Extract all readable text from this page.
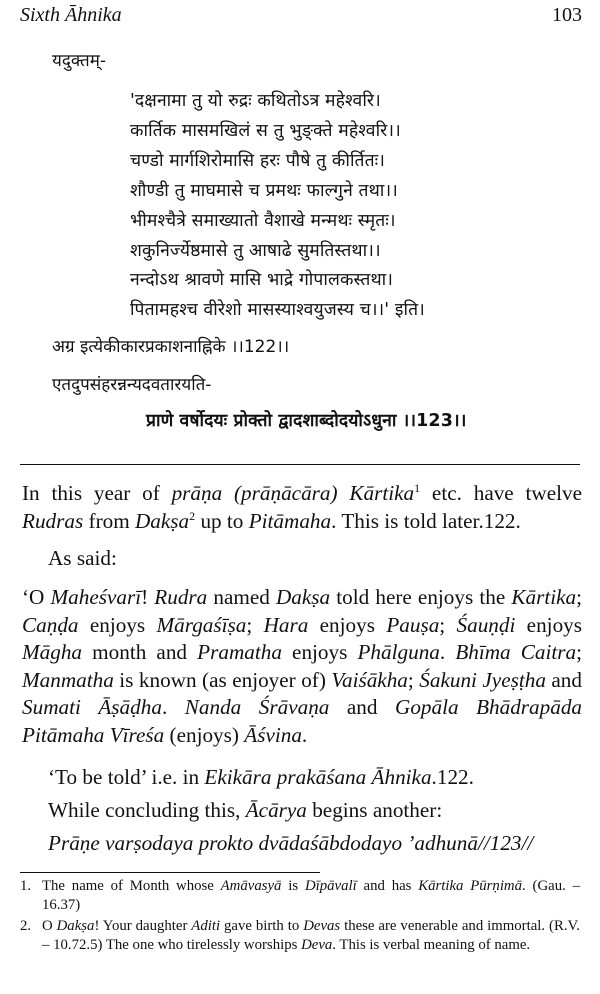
Sixth Āhnika	103
यदुक्तम्-
'दक्षनामा तु यो रुद्रः कथितोऽत्र महेश्वरि।
कार्तिक मासमखिलं स तु भुङ्क्ते महेश्वरि।।
चण्डो मार्गशिरोमासि हरः पौषे तु कीर्तितः।
शौण्डी तु माघमासे च प्रमथः फाल्गुने तथा।।
भीमश्चैत्रे समाख्यातो वैशाखे मन्मथः स्मृतः।
शकुनिर्ज्येष्ठमासे तु आषाढे सुमतिस्तथा।।
नन्दोऽथ श्रावणे मासि भाद्रे गोपालकस्तथा।
पितामहश्च वीरेशो मासस्याश्वयुजस्य च।।' इति।
अग्र इत्येकीकारप्रकाशनाह्निके ।।122।।
एतदुपसंहरन्नन्यदवतारयति-
प्राणे वर्षोदयः प्रोक्तो द्वादशाब्दोदयोऽधुना ।।123।।
In this year of prāṇa (prāṇācāra) Kārtika$^1$ etc. have twelve Rudras from Dakṣa$^2$ up to Pitāmaha. This is told later.122.
As said:
‘O Maheśvarī! Rudra named Dakṣa told here enjoys the Kārtika; Caṇḍa enjoys Mārgaśīṣa; Hara enjoys Pauṣa; Śauṇḍi enjoys Māgha month and Pramatha enjoys Phālguna. Bhīma Caitra; Manmatha is known (as enjoyer of) Vaiśākha; Śakuni Jyeṣṭha and Sumati Āṣāḍha. Nanda Śrāvaṇa and Gopāla Bhādrapāda Pitāmaha Vīreśa (enjoys) Āśvina.
‘To be told’ i.e. in Ekikāra prakāśana Āhnika.122.
While concluding this, Ācārya begins another:
Prāṇe varṣodaya prokto dvādaśābdodayo ’adhunā//123//
1. The name of Month whose Amāvasyā is Dīpāvalī and has Kārtika Pūrṇimā. (Gau. – 16.37)
2. O Dakṣa! Your daughter Aditi gave birth to Devas these are venerable and immortal. (R.V. – 10.72.5) The one who tirelessly worships Deva. This is verbal meaning of name.
